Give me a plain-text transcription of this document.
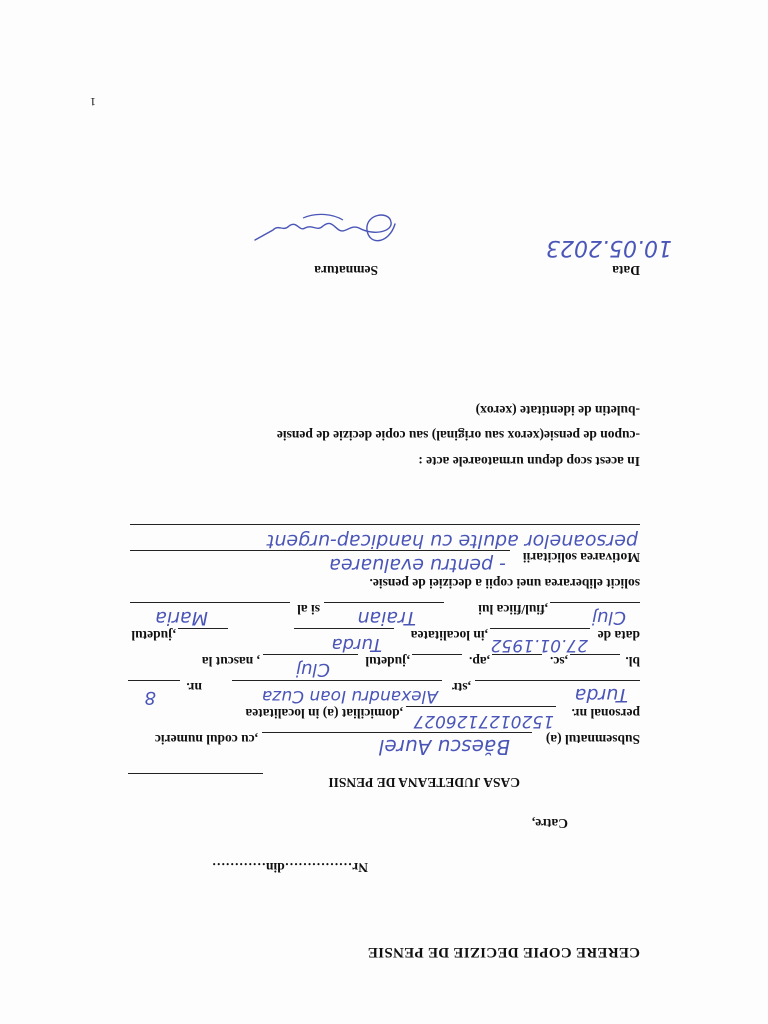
CERERE COPIE DECIZIE DE PENSIE
Nr……………din…………
Catre,
CASA JUDETEANA DE PENSII
Subsemnatul (a)
Băescu Aurel
,cu codul numeric
personal nr.
1520127126027
,domiciliat (a) in localitatea
Turda
,str
Alexandru Ioan Cuza
nr.
8
bl.
,sc.
,ap.
,judetul
Cluj
, nascut la
data de
27.01.1952
,in localitatea
Turda
,judetul
Cluj
,fiul/fiica lui
Traian
si al
Maria
solicit eliberarea unei copii a deciziei de pensie.
Motivarea solicitarii
- pentru evaluarea
persoanelor adulte cu handicap-urgent
In acest scop depun urmatoarele acte :
-cupon de pensie(xerox sau original) sau copie decizie de pensie
-buletin de identitate (xerox)
Data
10.05.2023
Semnatura
1
